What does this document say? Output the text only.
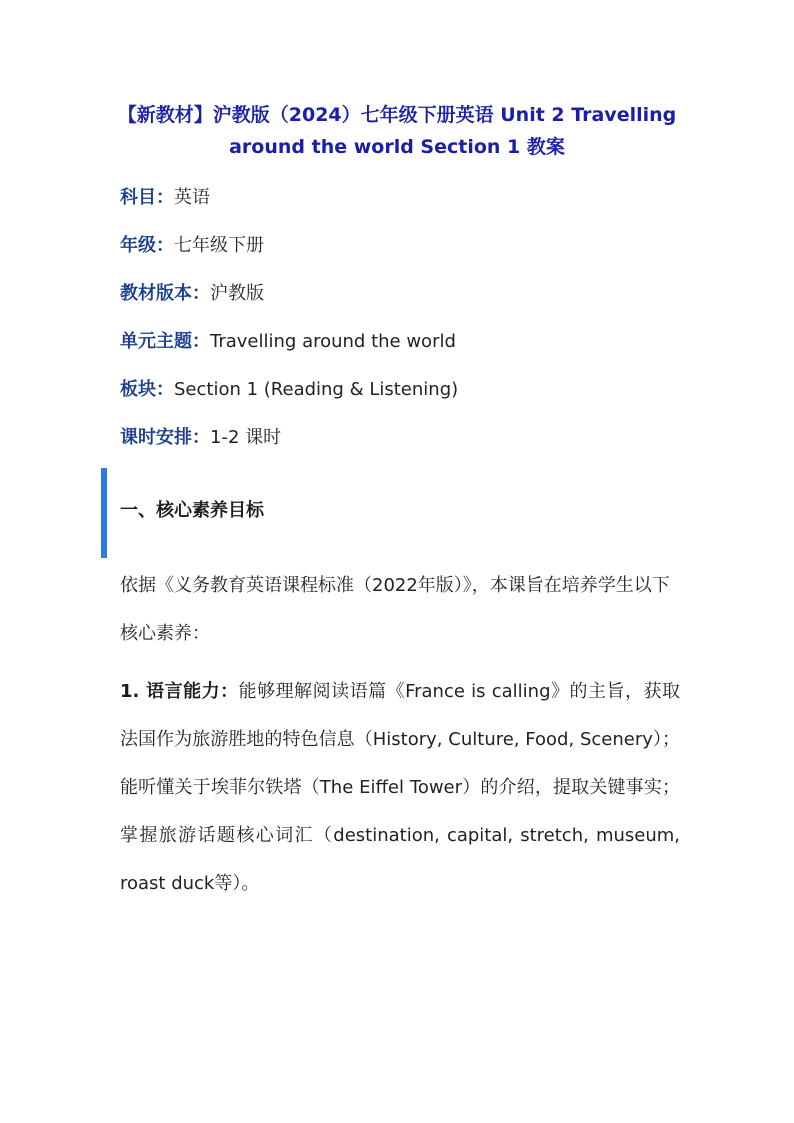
【新教材】沪教版（2024）七年级下册英语 Unit 2 Travelling around the world Section 1 教案
科目：英语
年级：七年级下册
教材版本：沪教版
单元主题：Travelling around the world
板块：Section 1 (Reading & Listening)
课时安排：1-2 课时
一、核心素养目标
依据《义务教育英语课程标准（2022年版）》，本课旨在培养学生以下核心素养：
1. 语言能力：能够理解阅读语篇《France is calling》的主旨，获取法国作为旅游胜地的特色信息（History, Culture, Food, Scenery）；能听懂关于埃菲尔铁塔（The Eiffel Tower）的介绍，提取关键事实；掌握旅游话题核心词汇（destination, capital, stretch, museum, roast duck等）。
